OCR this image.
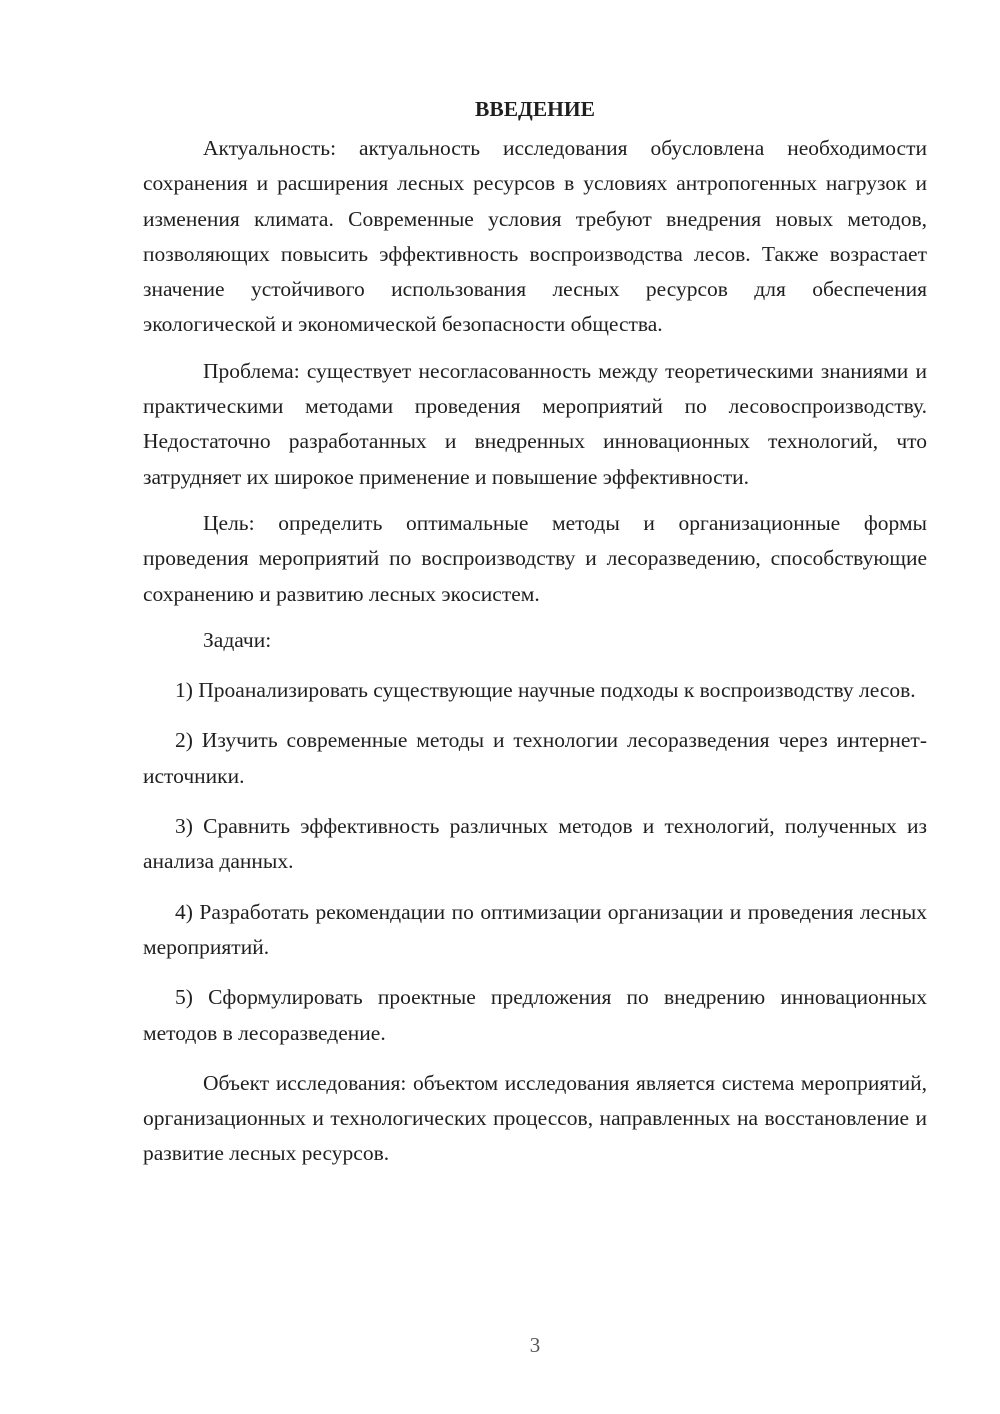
ВВЕДЕНИЕ

Актуальность: актуальность исследования обусловлена необходимости сохранения и расширения лесных ресурсов в условиях антропогенных нагрузок и изменения климата. Современные условия требуют внедрения новых методов, позволяющих повысить эффективность воспроизводства лесов. Также возрастает значение устойчивого использования лесных ресурсов для обеспечения экологической и экономической безопасности общества.

Проблема: существует несогласованность между теоретическими знаниями и практическими методами проведения мероприятий по лесовоспроизводству. Недостаточно разработанных и внедренных инновационных технологий, что затрудняет их широкое применение и повышение эффективности.

Цель: определить оптимальные методы и организационные формы проведения мероприятий по воспроизводству и лесоразведению, способствующие сохранению и развитию лесных экосистем.

Задачи:

1) Проанализировать существующие научные подходы к воспроизводству лесов.

2) Изучить современные методы и технологии лесоразведения через интернет-источники.

3) Сравнить эффективность различных методов и технологий, полученных из анализа данных.

4) Разработать рекомендации по оптимизации организации и проведения лесных мероприятий.

5) Сформулировать проектные предложения по внедрению инновационных методов в лесоразведение.

Объект исследования: объектом исследования является система мероприятий, организационных и технологических процессов, направленных на восстановление и развитие лесных ресурсов.

3
